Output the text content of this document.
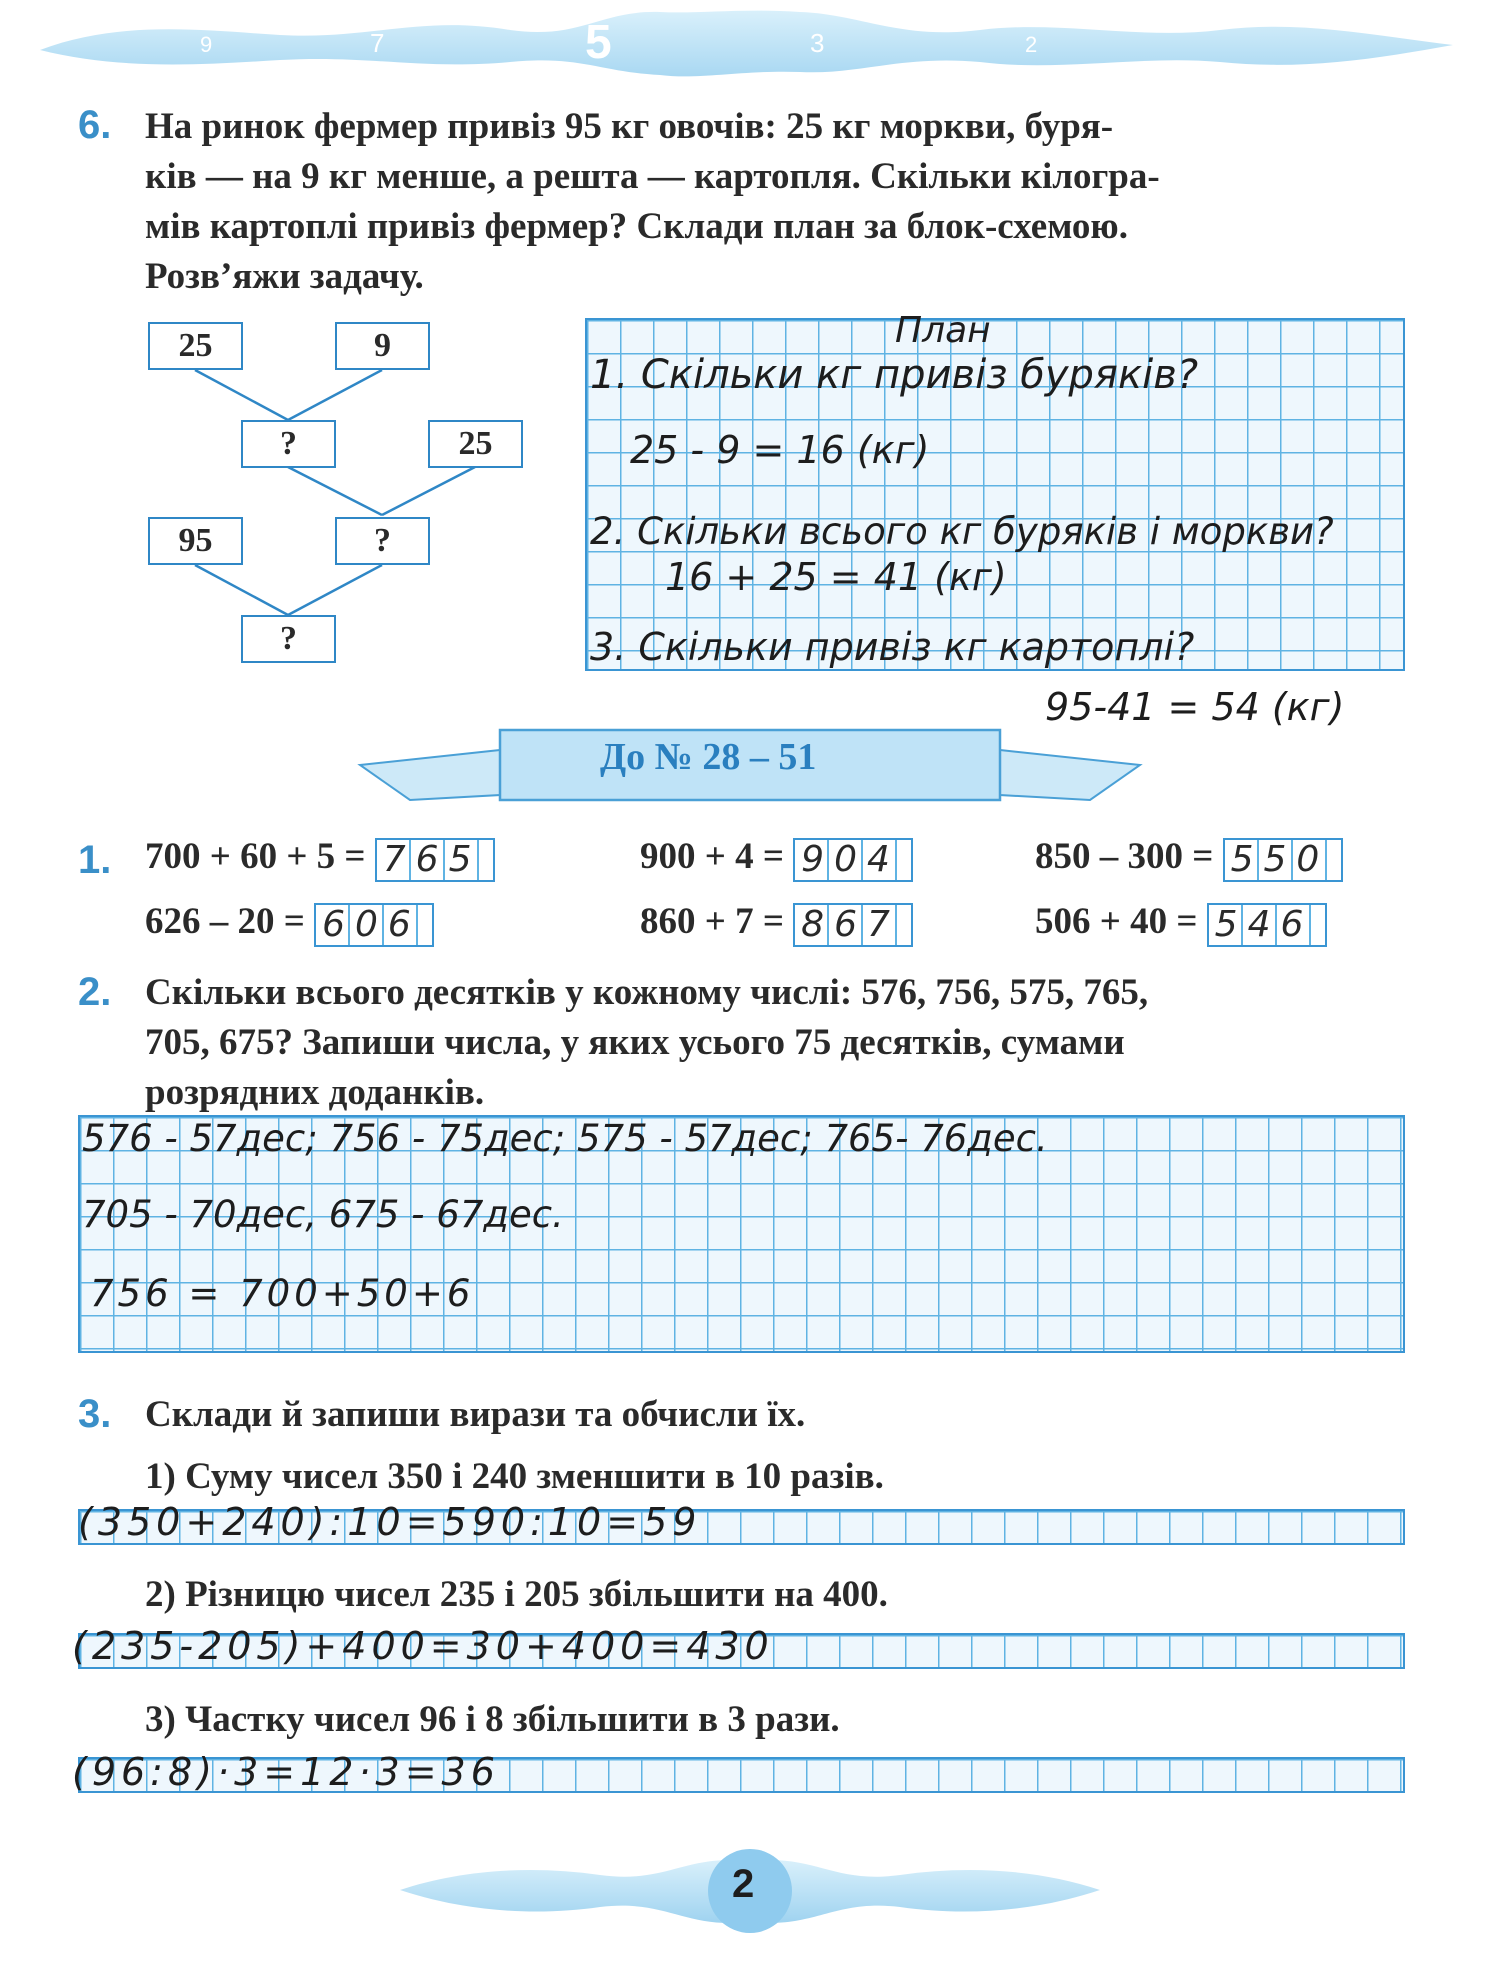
9	7	5	3	2
6. На ринок фермер привіз 95 кг овочів: 25 кг моркви, буря-
ків — на 9 кг менше, а решта — картопля. Скільки кілогра-
мів картоплі привіз фермер? Склади план за блок-схемою.
Розв’яжи задачу.
25	9
?	25
95	?
?
План
1. Скільки кг привіз буряків?
25 - 9 = 16 (кг)
2. Скільки всього кг буряків і моркви?
16 + 25 = 41 (кг)
3. Скільки привіз кг картоплі?
95-41 = 54 (кг)
До № 28 – 51
1. 700 + 60 + 5 = 765	900 + 4 = 904	850 – 300 = 550
626 – 20 = 606	860 + 7 = 867	506 + 40 = 546
2. Скільки всього десятків у кожному числі: 576, 756, 575, 765,
705, 675? Запиши числа, у яких усього 75 десятків, сумами
розрядних доданків.
576 - 57дес; 756 - 75дес; 575 - 57дес; 765- 76дес.
705 - 70дес, 675 - 67дес.
756 = 700+50+6
3. Склади й запиши вирази та обчисли їх.
1) Суму чисел 350 і 240 зменшити в 10 разів.
(350+240):10=590:10=59
2) Різницю чисел 235 і 205 збільшити на 400.
(235-205)+400=30+400=430
3) Частку чисел 96 і 8 збільшити в 3 рази.
(96:8)·3=12·3=36
2
